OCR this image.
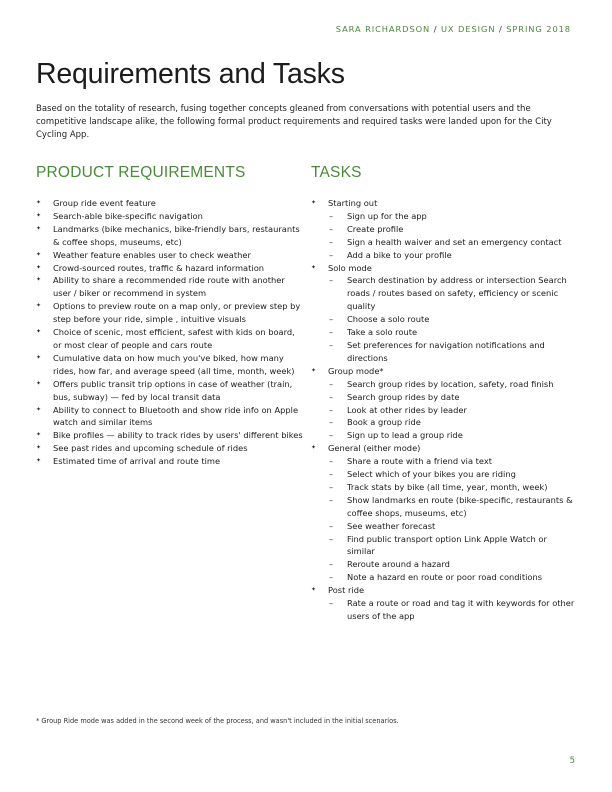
SARA RICHARDSON / UX DESIGN / SPRING 2018
Requirements and Tasks

Based on the totality of research, fusing together concepts gleaned from conversations with potential users and the competitive landscape alike, the following formal product requirements and required tasks were landed upon for the City Cycling App.

PRODUCT REQUIREMENTS	TASKS
✦ Group ride event feature
✦ Search-able bike-specific navigation
✦ Landmarks (bike mechanics, bike-friendly bars, restaurants & coffee shops, museums, etc)
✦ Weather feature enables user to check weather
✦ Crowd-sourced routes, traffic & hazard information
✦ Ability to share a recommended ride route with another user / biker or recommend in system
✦ Options to preview route on a map only, or preview step by step before your ride, simple , intuitive visuals
✦ Choice of scenic, most efficient, safest with kids on board, or most clear of people and cars route
✦ Cumulative data on how much you've biked, how many rides, how far, and average speed (all time, month, week)
✦ Offers public transit trip options in case of weather (train, bus, subway) — fed by local transit data
✦ Ability to connect to Bluetooth and show ride info on Apple watch and similar items
✦ Bike profiles — ability to track rides by users' different bikes
✦ See past rides and upcoming schedule of rides
✦ Estimated time of arrival and route time
✦ Starting out
– Sign up for the app
– Create profile
– Sign a health waiver and set an emergency contact
– Add a bike to your profile
✦ Solo mode
– Search destination by address or intersection Search roads / routes based on safety, efficiency or scenic quality
– Choose a solo route
– Take a solo route
– Set preferences for navigation notifications and directions
✦ Group mode*
– Search group rides by location, safety, road finish
– Search group rides by date
– Look at other rides by leader
– Book a group ride
– Sign up to lead a group ride
✦ General (either mode)
– Share a route with a friend via text
– Select which of your bikes you are riding
– Track stats by bike (all time, year, month, week)
– Show landmarks en route (bike-specific, restaurants & coffee shops, museums, etc)
– See weather forecast
– Find public transport option Link Apple Watch or similar
– Reroute around a hazard
– Note a hazard en route or poor road conditions
✦ Post ride
– Rate a route or road and tag it with keywords for other users of the app

* Group Ride mode was added in the second week of the process, and wasn't included in the initial scenarios.

5
